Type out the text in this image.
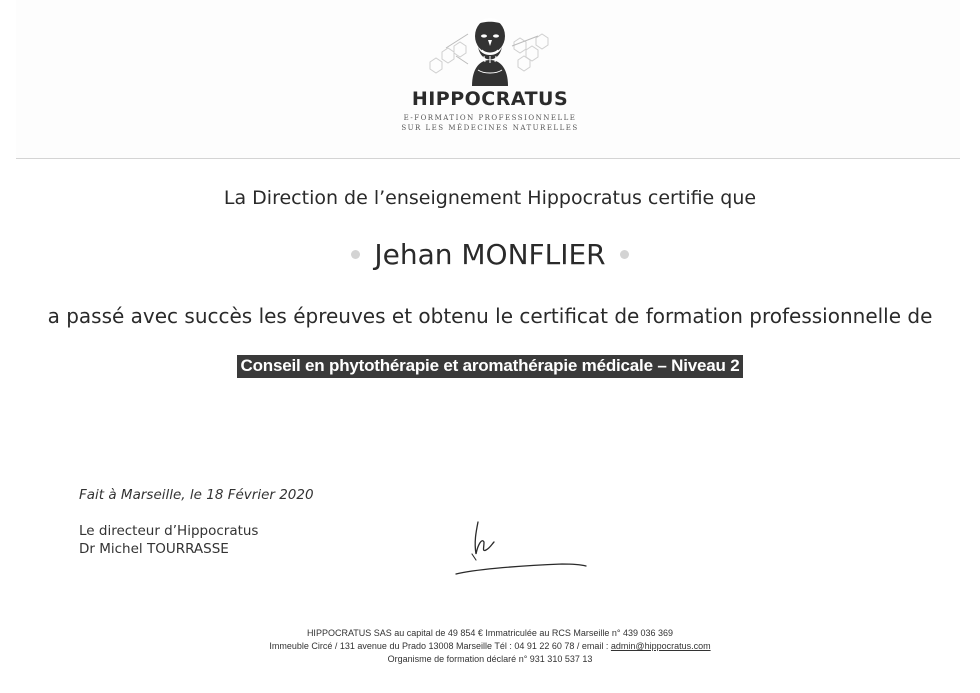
HIPPOCRATUS
E-FORMATION PROFESSIONNELLE
SUR LES MÉDECINES NATURELLES
La Direction de l’enseignement Hippocratus certifie que
Jehan MONFLIER
a passé avec succès les épreuves et obtenu le certificat de formation professionnelle de
Conseil en phytothérapie et aromathérapie médicale – Niveau 2
Fait à Marseille, le 18 Février 2020
Le directeur d’Hippocratus
Dr Michel TOURRASSE
HIPPOCRATUS SAS au capital de 49 854 € Immatriculée au RCS Marseille n° 439 036 369
Immeuble Circé / 131 avenue du Prado 13008 Marseille Tél : 04 91 22 60 78 / email : admin@hippocratus.com
Organisme de formation déclaré n° 931 310 537 13
